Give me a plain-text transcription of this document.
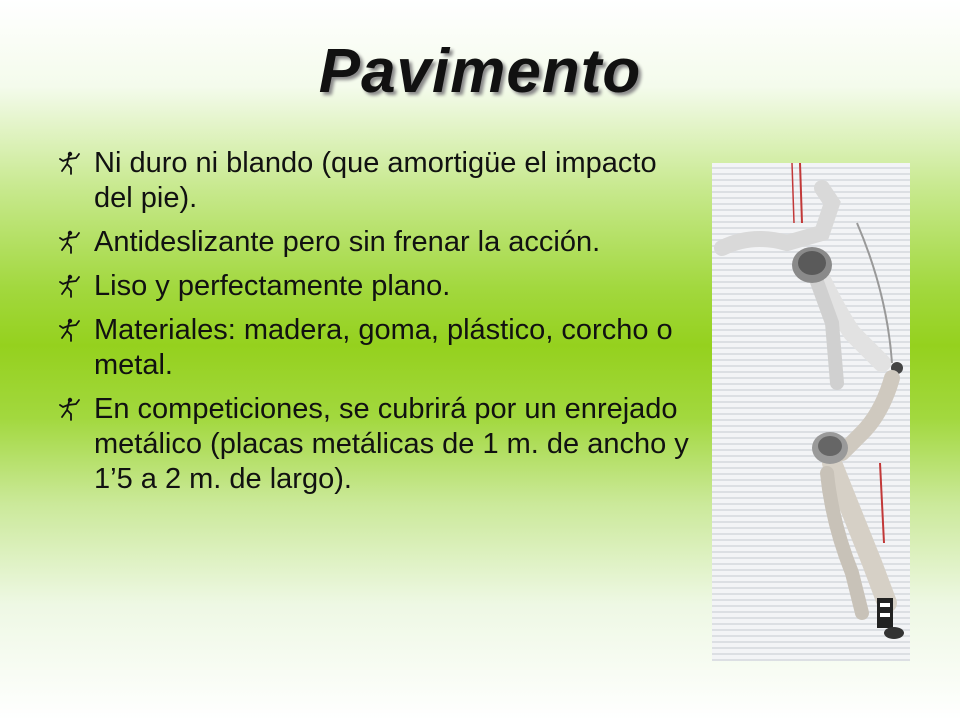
Pavimento
Ni duro ni blando (que amortigüe el impacto del pie).
Antideslizante pero sin frenar la acción.
Liso y perfectamente plano.
Materiales: madera, goma, plástico, corcho o metal.
En competiciones, se cubrirá por un enrejado metálico (placas metálicas de 1 m. de ancho y 1’5 a 2 m. de largo).
